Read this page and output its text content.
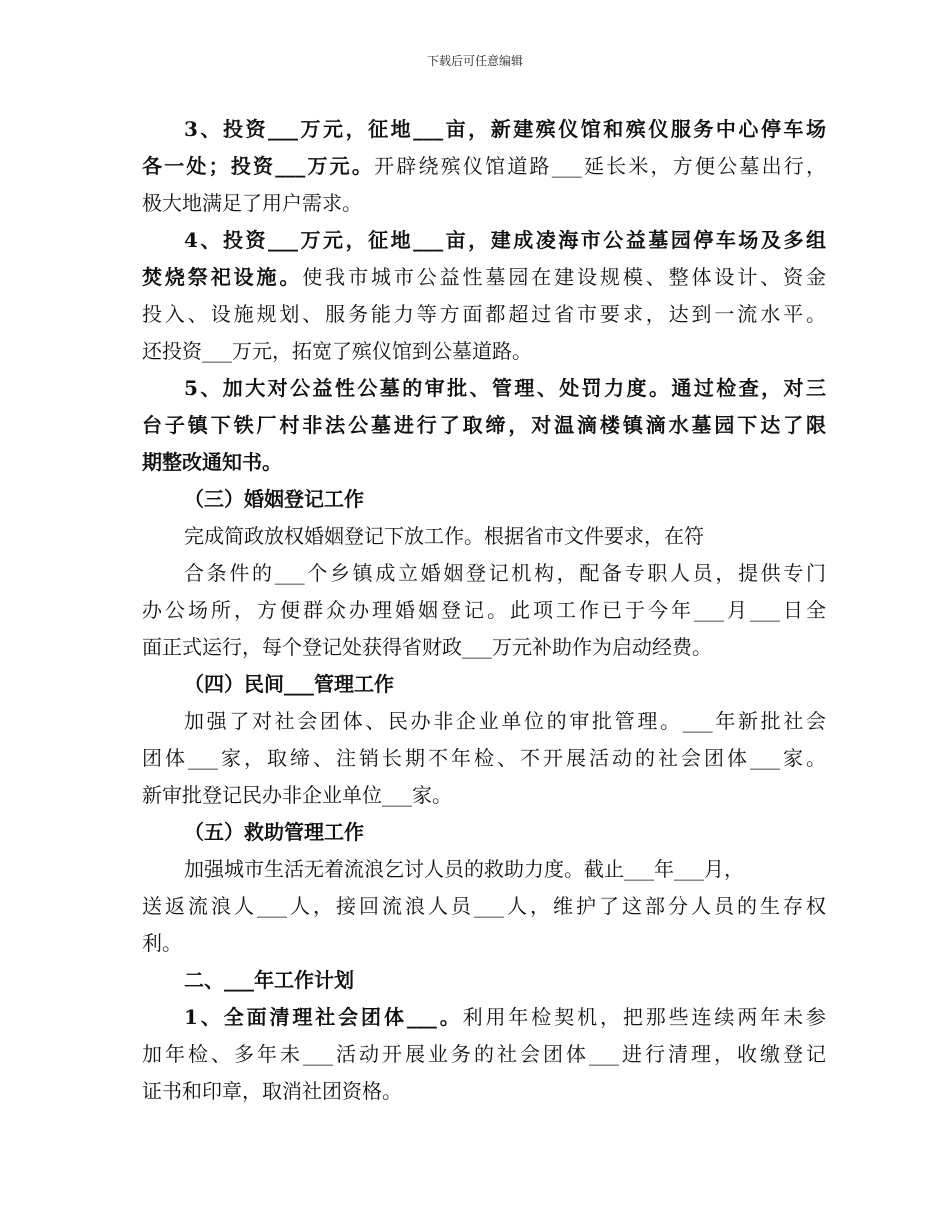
下载后可任意编辑
3、投资___万元，征地___亩，新建殡仪馆和殡仪服务中心停车场
各一处；投资___万元。开辟绕殡仪馆道路___延长米，方便公墓出行，
极大地满足了用户需求。
4、投资___万元，征地___亩，建成凌海市公益墓园停车场及多组
焚烧祭祀设施。使我市城市公益性墓园在建设规模、整体设计、资金
投入、设施规划、服务能力等方面都超过省市要求，达到一流水平。
还投资___万元，拓宽了殡仪馆到公墓道路。
5、加大对公益性公墓的审批、管理、处罚力度。通过检查，对三
台子镇下铁厂村非法公墓进行了取缔，对温滴楼镇滴水墓园下达了限
期整改通知书。
（三）婚姻登记工作
完成简政放权婚姻登记下放工作。根据省市文件要求，在符
合条件的___个乡镇成立婚姻登记机构，配备专职人员，提供专门
办公场所，方便群众办理婚姻登记。此项工作已于今年___月___日全
面正式运行，每个登记处获得省财政___万元补助作为启动经费。
（四）民间___管理工作
加强了对社会团体、民办非企业单位的审批管理。___年新批社会
团体___家，取缔、注销长期不年检、不开展活动的社会团体___家。
新审批登记民办非企业单位___家。
（五）救助管理工作
加强城市生活无着流浪乞讨人员的救助力度。截止___年___月，
送返流浪人___人，接回流浪人员___人，维护了这部分人员的生存权
利。
二、___年工作计划
1、全面清理社会团体___。利用年检契机，把那些连续两年未参
加年检、多年未___活动开展业务的社会团体___进行清理，收缴登记
证书和印章，取消社团资格。
